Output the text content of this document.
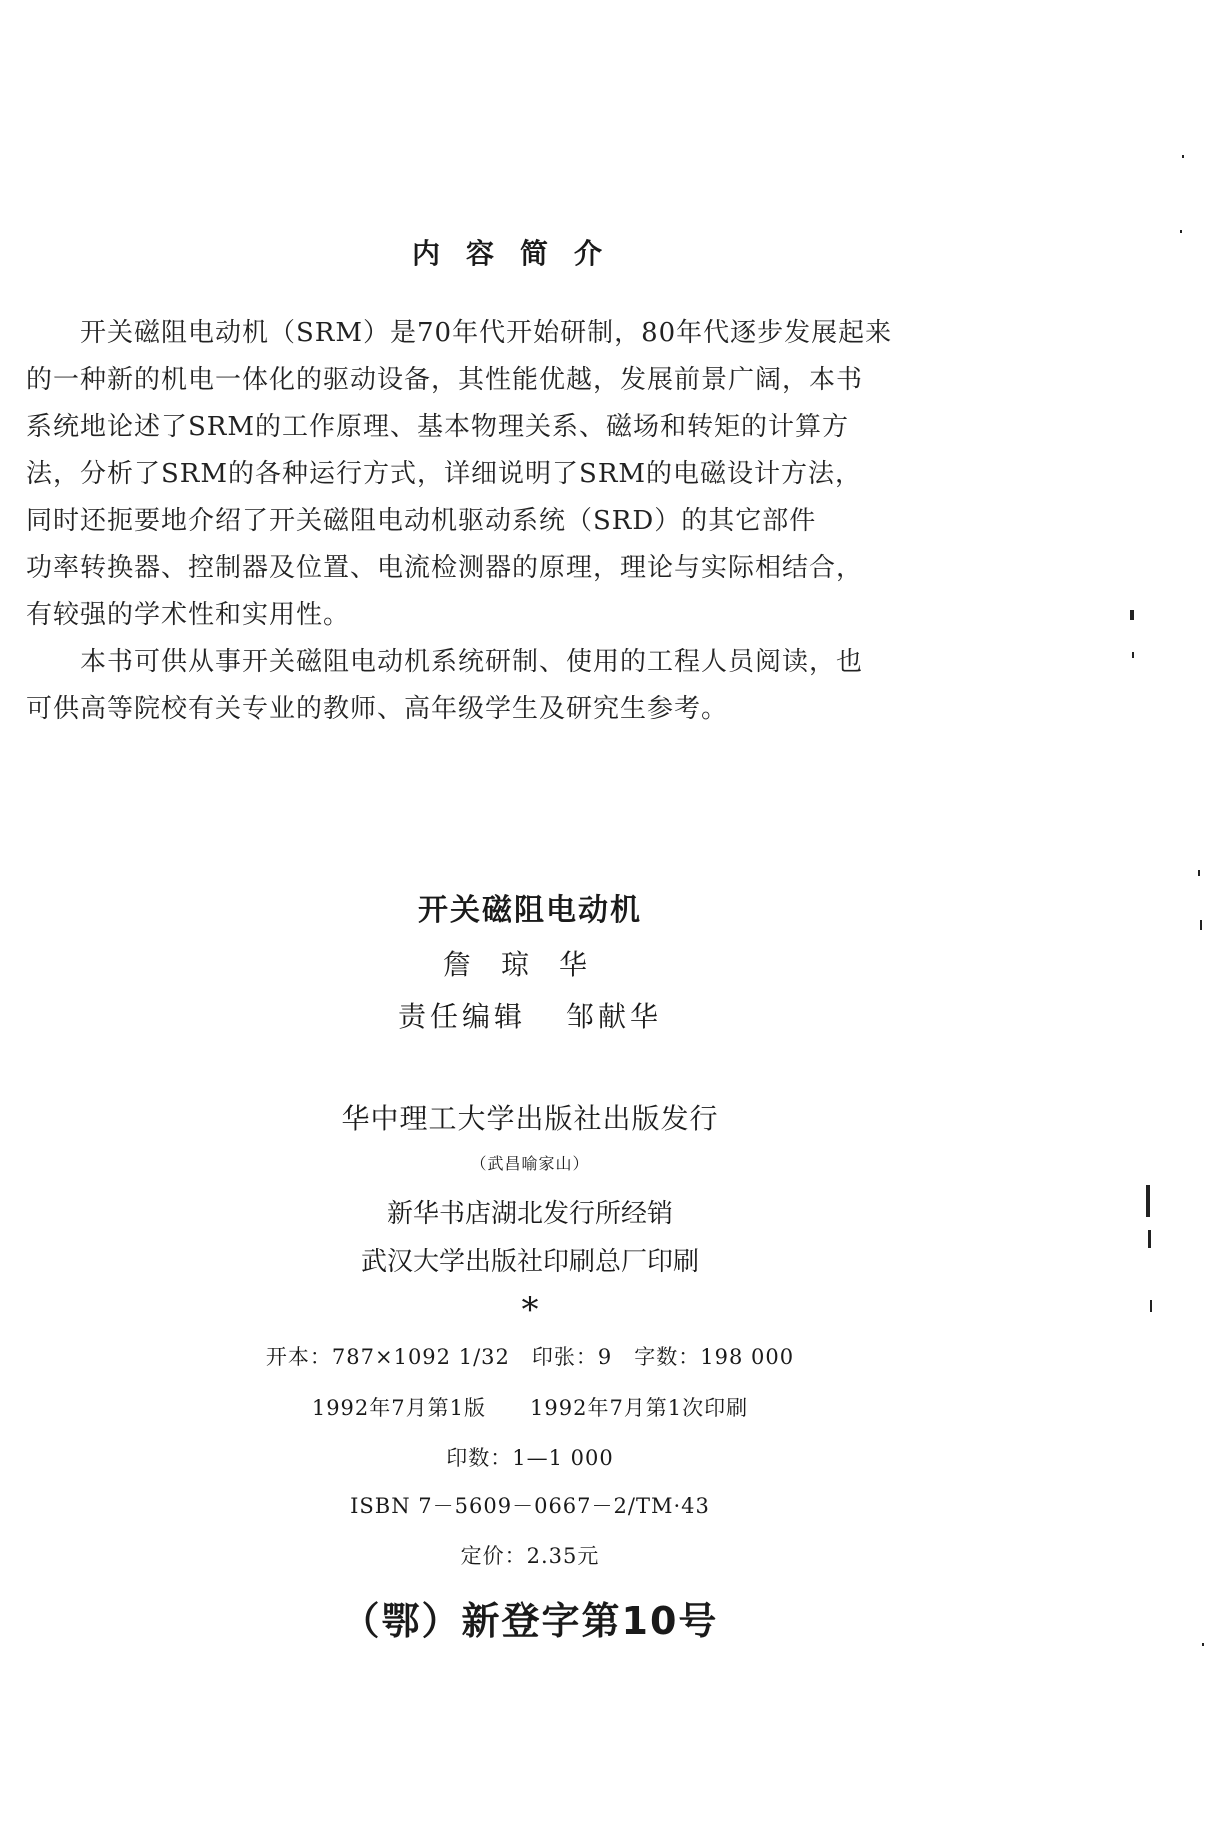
内容简介
开关磁阻电动机（SRM）是70年代开始研制，80年代逐步发展起来
的一种新的机电一体化的驱动设备，其性能优越，发展前景广阔，本书
系统地论述了SRM的工作原理、基本物理关系、磁场和转矩的计算方
法，分析了SRM的各种运行方式，详细说明了SRM的电磁设计方法，
同时还扼要地介绍了开关磁阻电动机驱动系统（SRD）的其它部件
功率转换器、控制器及位置、电流检测器的原理，理论与实际相结合，
有较强的学术性和实用性。
本书可供从事开关磁阻电动机系统研制、使用的工程人员阅读，也
可供高等院校有关专业的教师、高年级学生及研究生参考。
开关磁阻电动机
詹琼华
责任编辑 邹献华
华中理工大学出版社出版发行
（武昌喻家山）
新华书店湖北发行所经销
武汉大学出版社印刷总厂印刷
*
开本：787×1092 1/32 印张：9 字数：198 000
1992年7月第1版 1992年7月第1次印刷
印数：1—1 000
ISBN 7－5609－0667－2/TM·43
定价：2.35元
（鄂）新登字第10号
